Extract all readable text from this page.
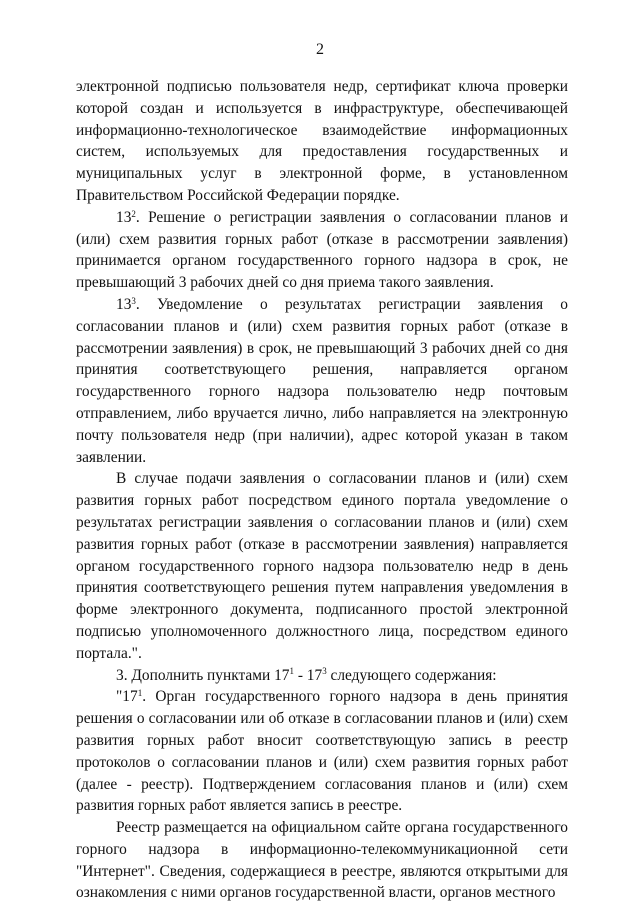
2

электронной подписью пользователя недр, сертификат ключа проверки которой создан и используется в инфраструктуре, обеспечивающей информационно-технологическое взаимодействие информационных систем, используемых для предоставления государственных и муниципальных услуг в электронной форме, в установленном Правительством Российской Федерации порядке.

$13^2$. Решение о регистрации заявления о согласовании планов и (или) схем развития горных работ (отказе в рассмотрении заявления) принимается органом государственного горного надзора в срок, не превышающий 3 рабочих дней со дня приема такого заявления.

$13^3$. Уведомление о результатах регистрации заявления о согласовании планов и (или) схем развития горных работ (отказе в рассмотрении заявления) в срок, не превышающий 3 рабочих дней со дня принятия соответствующего решения, направляется органом государственного горного надзора пользователю недр почтовым отправлением, либо вручается лично, либо направляется на электронную почту пользователя недр (при наличии), адрес которой указан в таком заявлении.

В случае подачи заявления о согласовании планов и (или) схем развития горных работ посредством единого портала уведомление о результатах регистрации заявления о согласовании планов и (или) схем развития горных работ (отказе в рассмотрении заявления) направляется органом государственного горного надзора пользователю недр в день принятия соответствующего решения путем направления уведомления в форме электронного документа, подписанного простой электронной подписью уполномоченного должностного лица, посредством единого портала.".

3. Дополнить пунктами $17^1 - 17^3$ следующего содержания:

"$17^1$. Орган государственного горного надзора в день принятия решения о согласовании или об отказе в согласовании планов и (или) схем развития горных работ вносит соответствующую запись в реестр протоколов о согласовании планов и (или) схем развития горных работ (далее - реестр). Подтверждением согласования планов и (или) схем развития горных работ является запись в реестре.

Реестр размещается на официальном сайте органа государственного горного надзора в информационно-телекоммуникационной сети "Интернет". Сведения, содержащиеся в реестре, являются открытыми для ознакомления с ними органов государственной власти, органов местного
